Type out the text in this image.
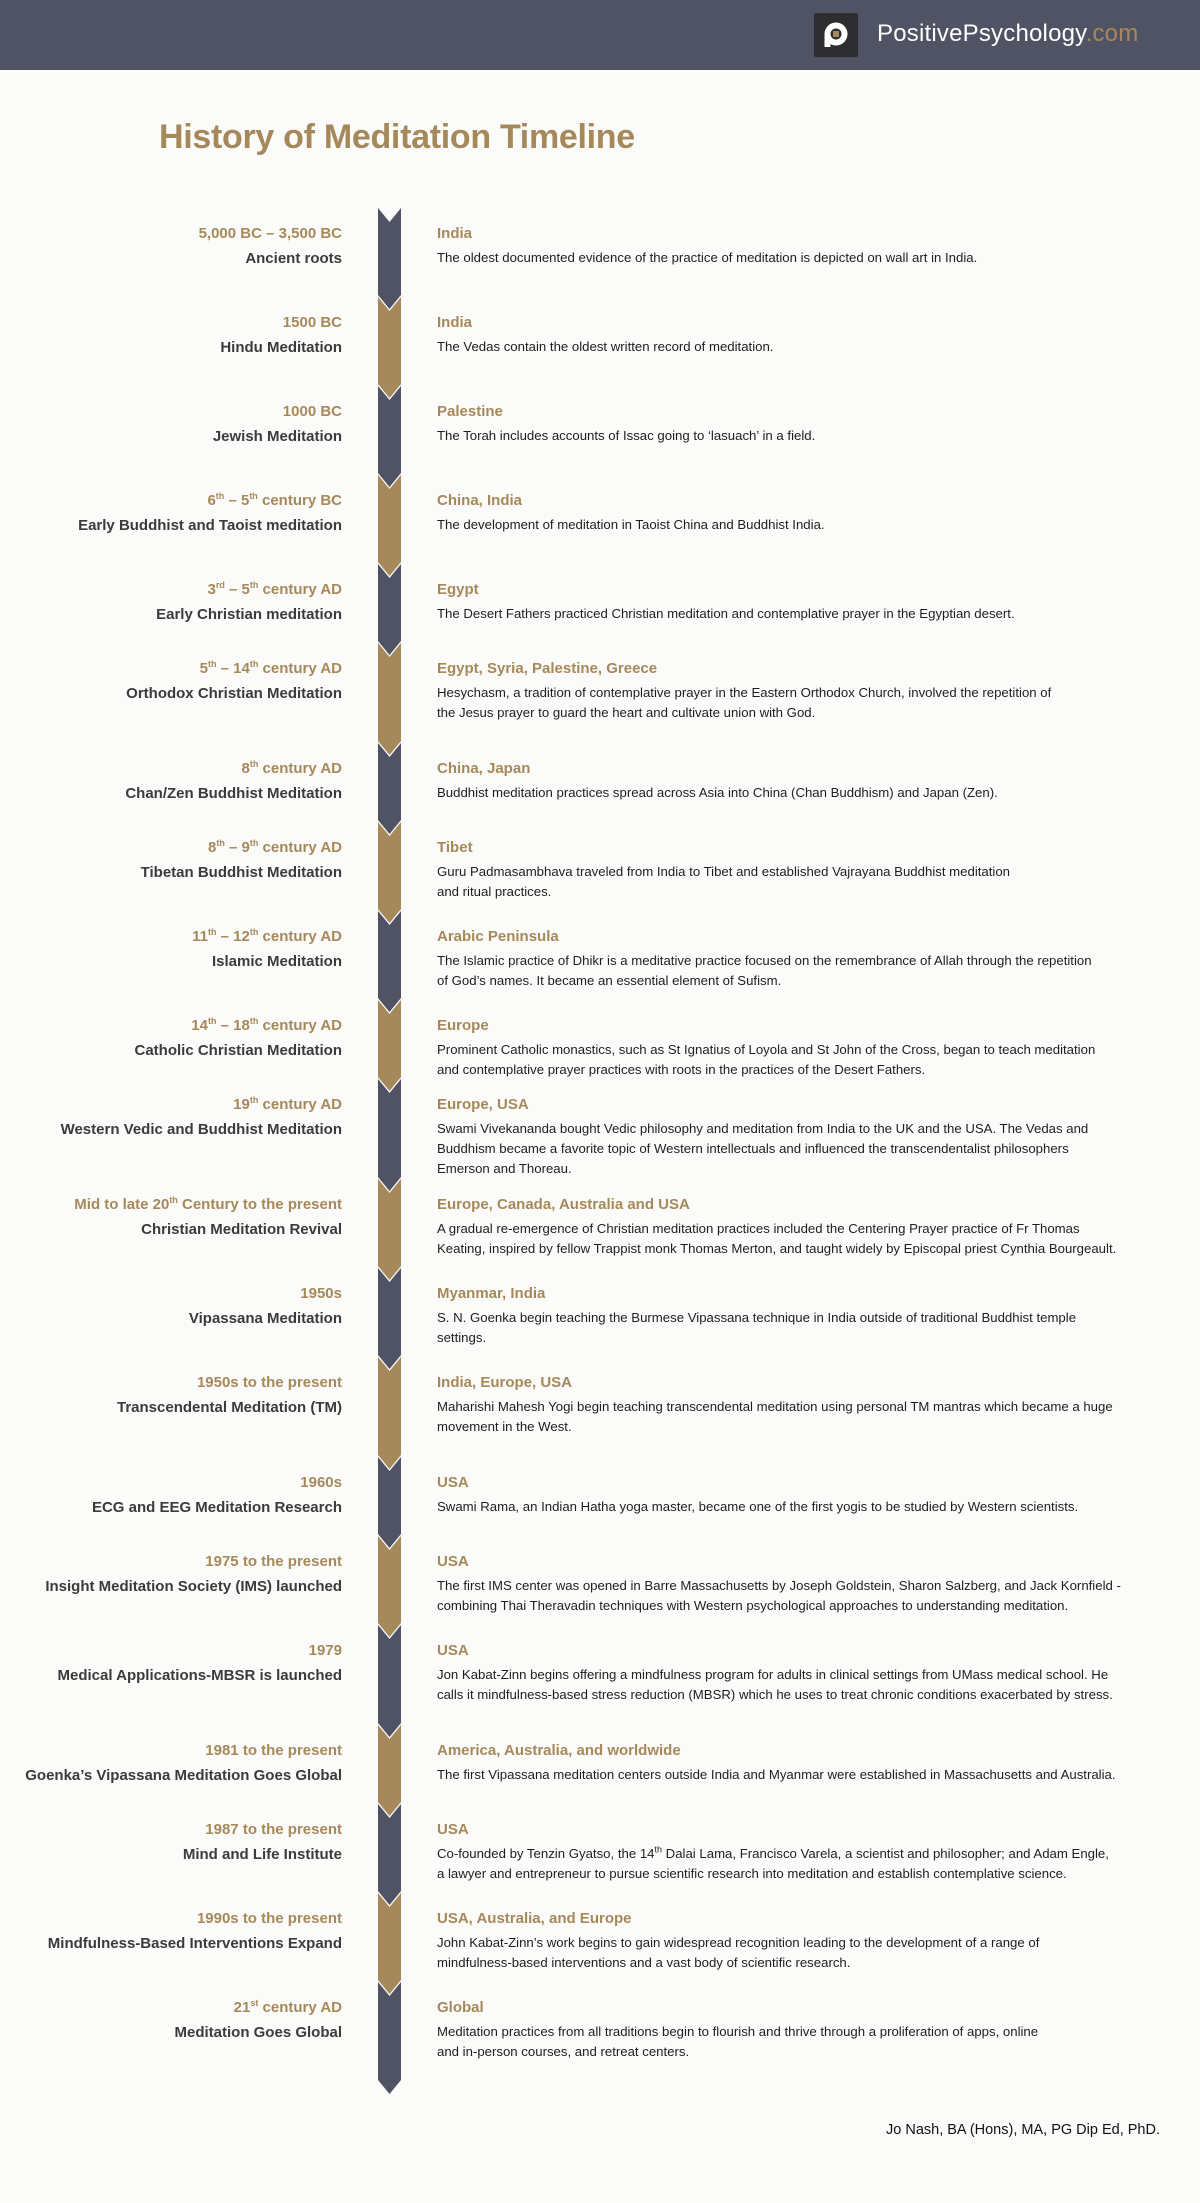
PositivePsychology.com
History of Meditation Timeline
5,000 BC – 3,500 BC
Ancient roots
India
The oldest documented evidence of the practice of meditation is depicted on wall art in India.
1500 BC
Hindu Meditation
India
The Vedas contain the oldest written record of meditation.
1000 BC
Jewish Meditation
Palestine
The Torah includes accounts of Issac going to ‘lasuach’ in a field.
6th – 5th century BC
Early Buddhist and Taoist meditation
China, India
The development of meditation in Taoist China and Buddhist India.
3rd – 5th century AD
Early Christian meditation
Egypt
The Desert Fathers practiced Christian meditation and contemplative prayer in the Egyptian desert.
5th – 14th century AD
Orthodox Christian Meditation
Egypt, Syria, Palestine, Greece
Hesychasm, a tradition of contemplative prayer in the Eastern Orthodox Church, involved the repetition of
the Jesus prayer to guard the heart and cultivate union with God.
8th century AD
Chan/Zen Buddhist Meditation
China, Japan
Buddhist meditation practices spread across Asia into China (Chan Buddhism) and Japan (Zen).
8th – 9th century AD
Tibetan Buddhist Meditation
Tibet
Guru Padmasambhava traveled from India to Tibet and established Vajrayana Buddhist meditation
and ritual practices.
11th – 12th century AD
Islamic Meditation
Arabic Peninsula
The Islamic practice of Dhikr is a meditative practice focused on the remembrance of Allah through the repetition
of God’s names. It became an essential element of Sufism.
14th – 18th century AD
Catholic Christian Meditation
Europe
Prominent Catholic monastics, such as St Ignatius of Loyola and St John of the Cross, began to teach meditation
and contemplative prayer practices with roots in the practices of the Desert Fathers.
19th century AD
Western Vedic and Buddhist Meditation
Europe, USA
Swami Vivekananda bought Vedic philosophy and meditation from India to the UK and the USA. The Vedas and
Buddhism became a favorite topic of Western intellectuals and influenced the transcendentalist philosophers
Emerson and Thoreau.
Mid to late 20th Century to the present
Christian Meditation Revival
Europe, Canada, Australia and USA
A gradual re-emergence of Christian meditation practices included the Centering Prayer practice of Fr Thomas
Keating, inspired by fellow Trappist monk Thomas Merton, and taught widely by Episcopal priest Cynthia Bourgeault.
1950s
Vipassana Meditation
Myanmar, India
S. N. Goenka begin teaching the Burmese Vipassana technique in India outside of traditional Buddhist temple
settings.
1950s to the present
Transcendental Meditation (TM)
India, Europe, USA
Maharishi Mahesh Yogi begin teaching transcendental meditation using personal TM mantras which became a huge
movement in the West.
1960s
ECG and EEG Meditation Research
USA
Swami Rama, an Indian Hatha yoga master, became one of the first yogis to be studied by Western scientists.
1975 to the present
Insight Meditation Society (IMS) launched
USA
The first IMS center was opened in Barre Massachusetts by Joseph Goldstein, Sharon Salzberg, and Jack Kornfield -
combining Thai Theravadin techniques with Western psychological approaches to understanding meditation.
1979
Medical Applications-MBSR is launched
USA
Jon Kabat-Zinn begins offering a mindfulness program for adults in clinical settings from UMass medical school. He
calls it mindfulness-based stress reduction (MBSR) which he uses to treat chronic conditions exacerbated by stress.
1981 to the present
Goenka’s Vipassana Meditation Goes Global
America, Australia, and worldwide
The first Vipassana meditation centers outside India and Myanmar were established in Massachusetts and Australia.
1987 to the present
Mind and Life Institute
USA
Co-founded by Tenzin Gyatso, the 14th Dalai Lama, Francisco Varela, a scientist and philosopher; and Adam Engle,
a lawyer and entrepreneur to pursue scientific research into meditation and establish contemplative science.
1990s to the present
Mindfulness-Based Interventions Expand
USA, Australia, and Europe
John Kabat-Zinn’s work begins to gain widespread recognition leading to the development of a range of
mindfulness-based interventions and a vast body of scientific research.
21st century AD
Meditation Goes Global
Global
Meditation practices from all traditions begin to flourish and thrive through a proliferation of apps, online
and in-person courses, and retreat centers.
Jo Nash, BA (Hons), MA, PG Dip Ed, PhD.
